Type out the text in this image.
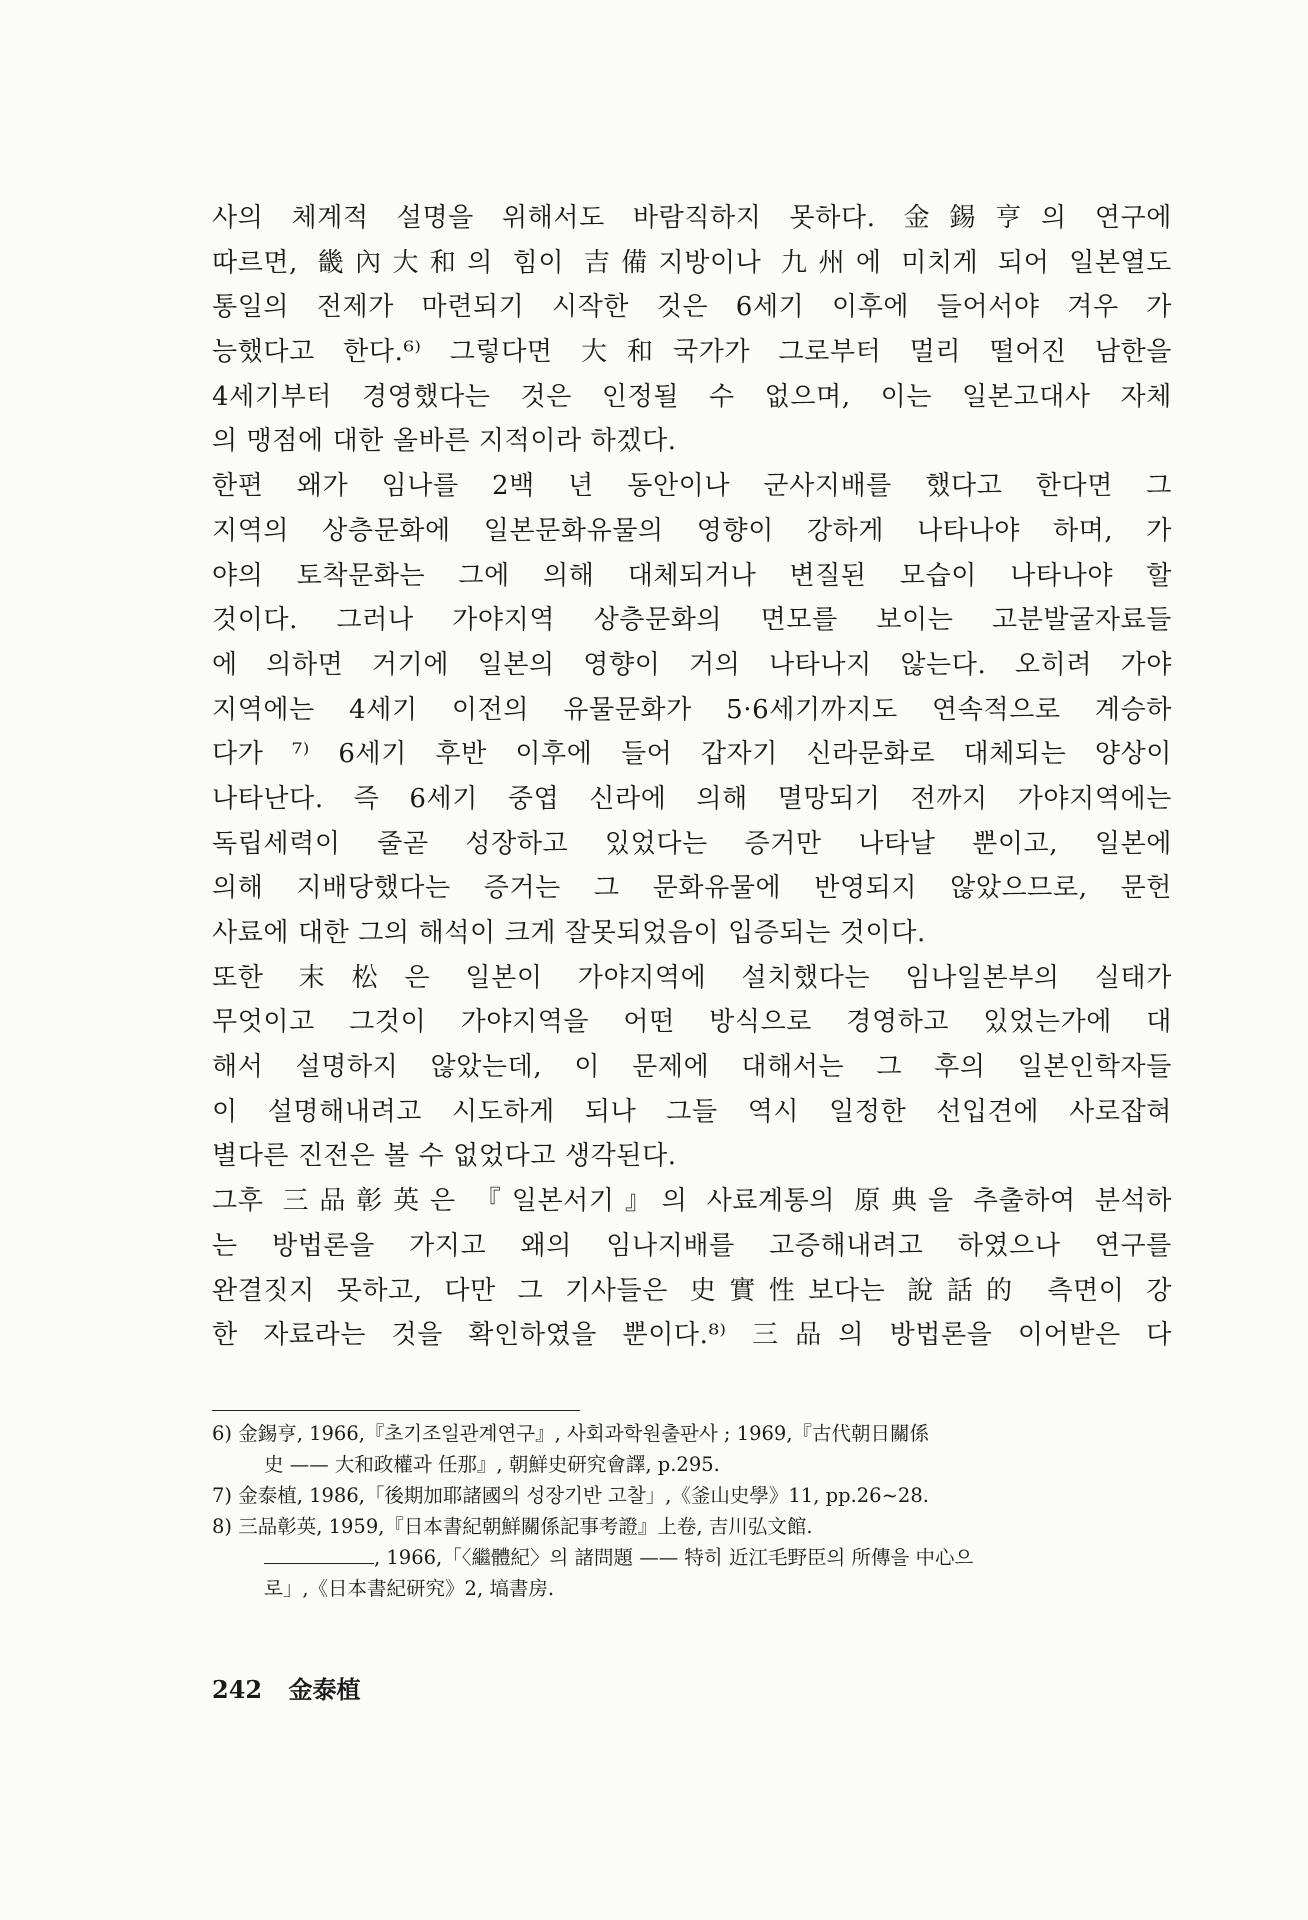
사의 체계적 설명을 위해서도 바람직하지 못하다. 金錫亨의 연구에
따르면, 畿內大和의 힘이 吉備지방이나 九州에 미치게 되어 일본열도
통일의 전제가 마련되기 시작한 것은 6세기 이후에 들어서야 겨우 가
능했다고 한다.⁶⁾ 그렇다면 大和국가가 그로부터 멀리 떨어진 남한을
4세기부터 경영했다는 것은 인정될 수 없으며, 이는 일본고대사 자체
의 맹점에 대한 올바른 지적이라 하겠다.
한편 왜가 임나를 2백 년 동안이나 군사지배를 했다고 한다면 그
지역의 상층문화에 일본문화유물의 영향이 강하게 나타나야 하며, 가
야의 토착문화는 그에 의해 대체되거나 변질된 모습이 나타나야 할
것이다. 그러나 가야지역 상층문화의 면모를 보이는 고분발굴자료들
에 의하면 거기에 일본의 영향이 거의 나타나지 않는다. 오히려 가야
지역에는 4세기 이전의 유물문화가 5·6세기까지도 연속적으로 계승하
다가 ⁷⁾ 6세기 후반 이후에 들어 갑자기 신라문화로 대체되는 양상이
나타난다. 즉 6세기 중엽 신라에 의해 멸망되기 전까지 가야지역에는
독립세력이 줄곧 성장하고 있었다는 증거만 나타날 뿐이고, 일본에
의해 지배당했다는 증거는 그 문화유물에 반영되지 않았으므로, 문헌
사료에 대한 그의 해석이 크게 잘못되었음이 입증되는 것이다.
또한 末松은 일본이 가야지역에 설치했다는 임나일본부의 실태가
무엇이고 그것이 가야지역을 어떤 방식으로 경영하고 있었는가에 대
해서 설명하지 않았는데, 이 문제에 대해서는 그 후의 일본인학자들
이 설명해내려고 시도하게 되나 그들 역시 일정한 선입견에 사로잡혀
별다른 진전은 볼 수 없었다고 생각된다.
그후 三品彰英은 『일본서기』의 사료계통의 原典을 추출하여 분석하
는 방법론을 가지고 왜의 임나지배를 고증해내려고 하였으나 연구를
완결짓지 못하고, 다만 그 기사들은 史實性보다는 說話的 측면이 강
한 자료라는 것을 확인하였을 뿐이다.⁸⁾ 三品의 방법론을 이어받은 다
6) 金錫亨, 1966,『초기조일관계연구』, 사회과학원출판사 ; 1969,『古代朝日關係
史 —— 大和政權과 任那』, 朝鮮史研究會譯, p.295.
7) 金泰植, 1986,「後期加耶諸國의 성장기반 고찰」,《釜山史學》11, pp.26~28.
8) 三品彰英, 1959,『日本書紀朝鮮關係記事考證』上卷, 吉川弘文館.
, 1966,「〈繼體紀〉의 諸問題 —— 特히 近江毛野臣의 所傳을 中心으
로」,《日本書紀研究》2, 塙書房.
242 金泰植
